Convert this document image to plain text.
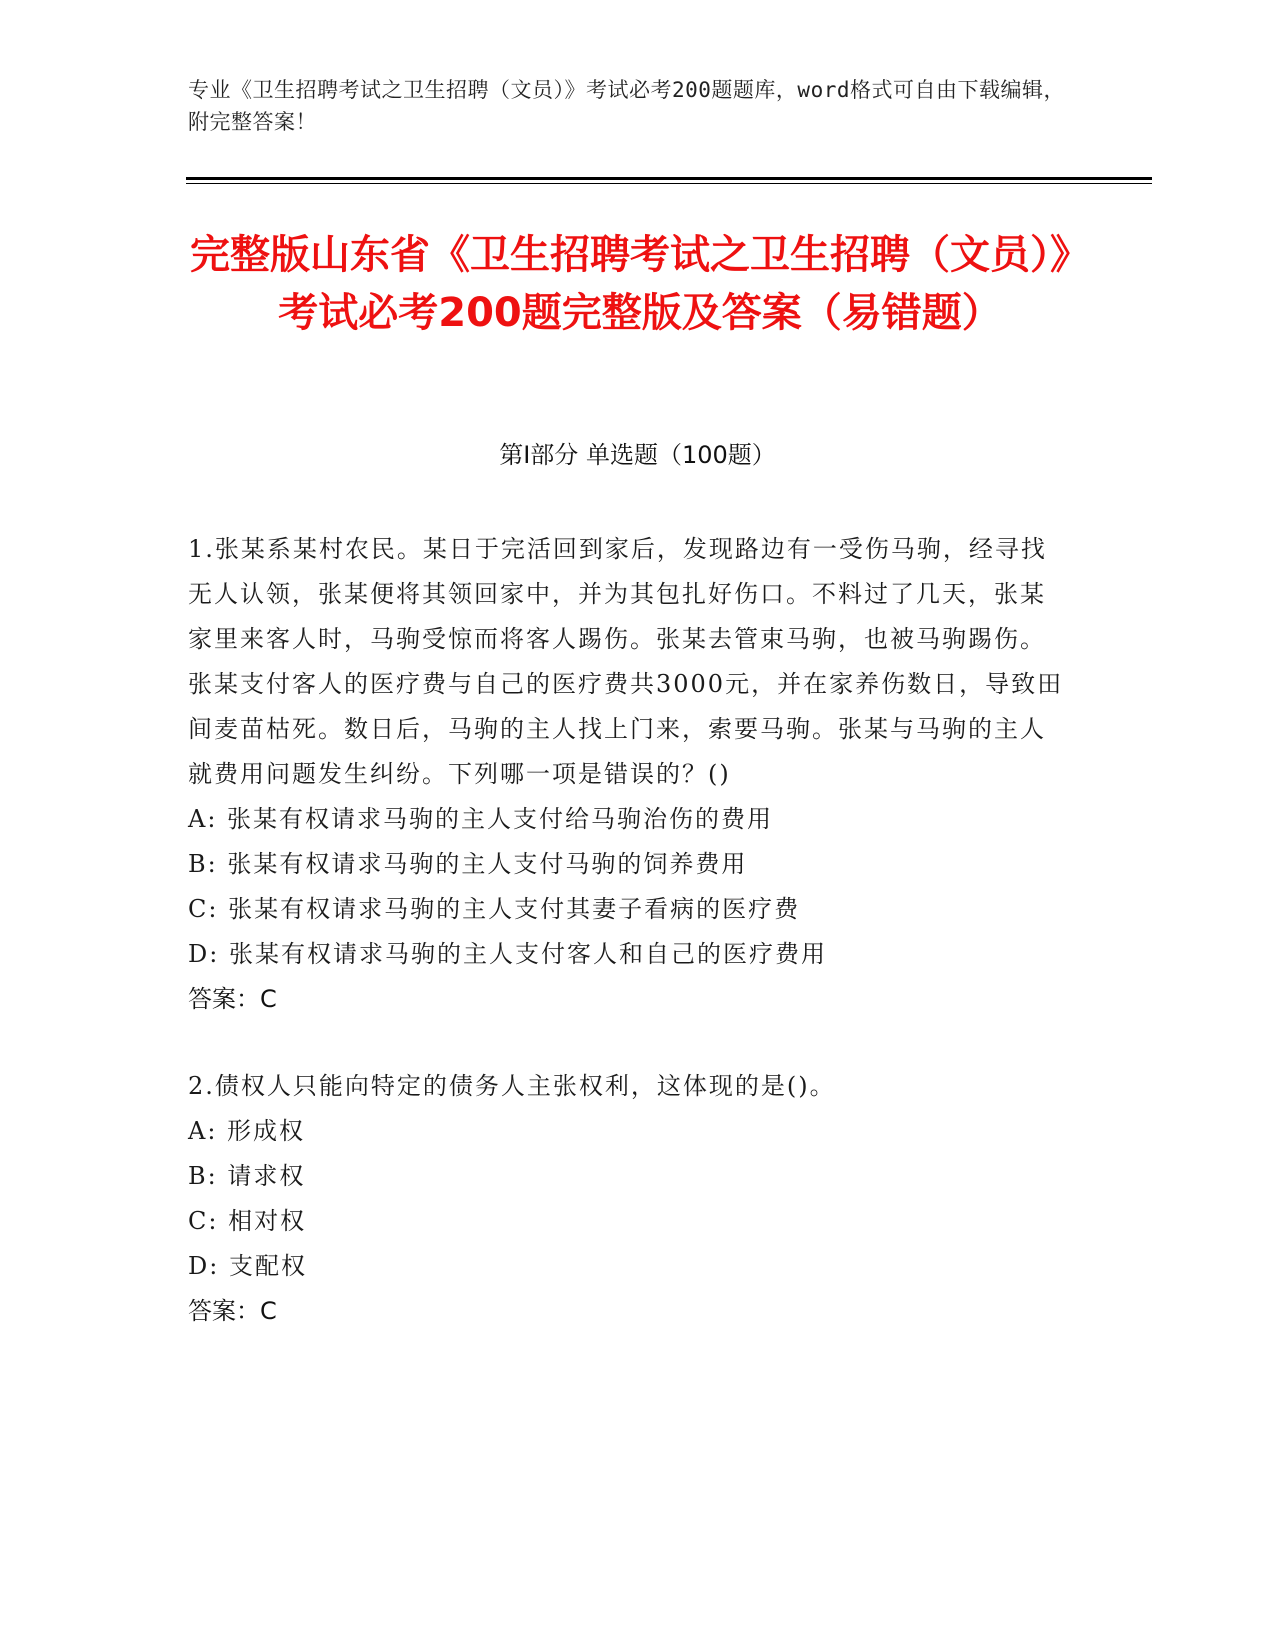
专业《卫生招聘考试之卫生招聘（文员）》考试必考200题题库，word格式可自由下载编辑，附完整答案！
完整版山东省《卫生招聘考试之卫生招聘（文员）》考试必考200题完整版及答案（易错题）
第Ⅰ部分 单选题（100题）

1.张某系某村农民。某日于完活回到家后，发现路边有一受伤马驹，经寻找无人认领，张某便将其领回家中，并为其包扎好伤口。不料过了几天，张某家里来客人时，马驹受惊而将客人踢伤。张某去管束马驹，也被马驹踢伤。张某支付客人的医疗费与自己的医疗费共3000元，并在家养伤数日，导致田间麦苗枯死。数日后，马驹的主人找上门来，索要马驹。张某与马驹的主人就费用问题发生纠纷。下列哪一项是错误的？()

A: 张某有权请求马驹的主人支付给马驹治伤的费用

B: 张某有权请求马驹的主人支付马驹的饲养费用

C: 张某有权请求马驹的主人支付其妻子看病的医疗费

D: 张某有权请求马驹的主人支付客人和自己的医疗费用

答案：C

2.债权人只能向特定的债务人主张权利，这体现的是()。

A: 形成权

B: 请求权

C: 相对权

D: 支配权

答案：C
